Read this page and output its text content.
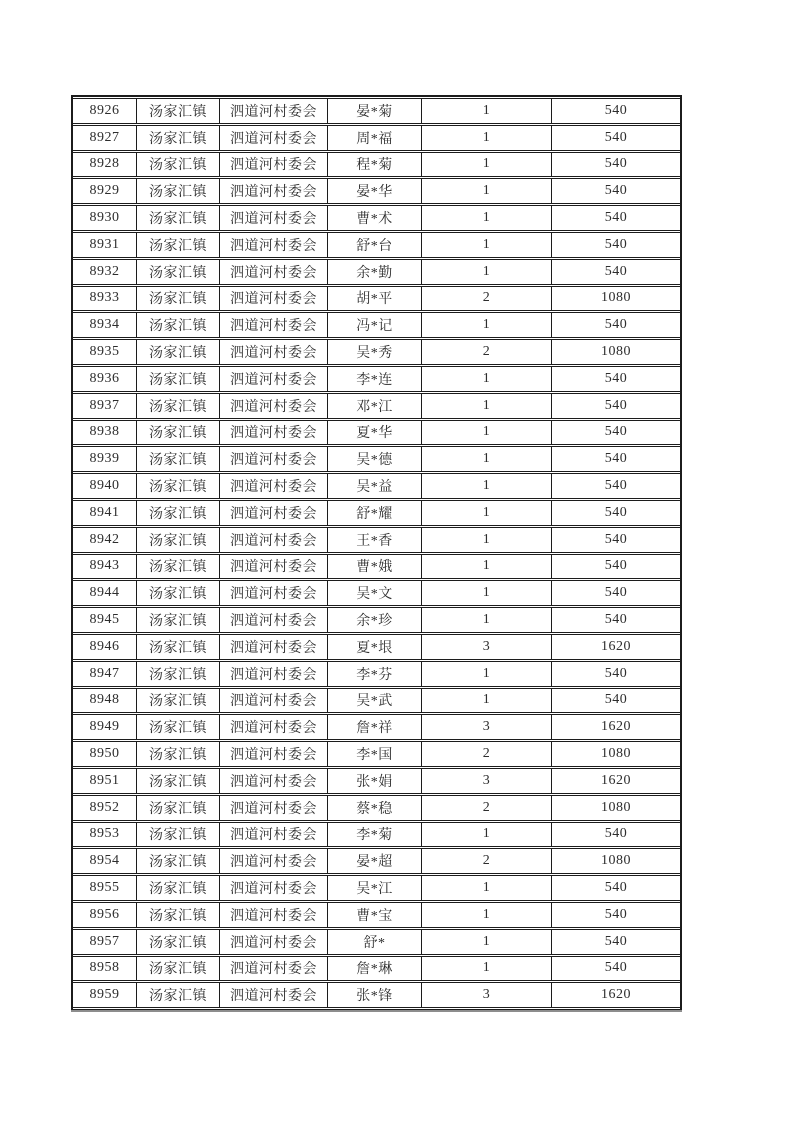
8926	汤家汇镇	泗道河村委会	晏*菊	1	540
8927	汤家汇镇	泗道河村委会	周*福	1	540
8928	汤家汇镇	泗道河村委会	程*菊	1	540
8929	汤家汇镇	泗道河村委会	晏*华	1	540
8930	汤家汇镇	泗道河村委会	曹*术	1	540
8931	汤家汇镇	泗道河村委会	舒*台	1	540
8932	汤家汇镇	泗道河村委会	余*勤	1	540
8933	汤家汇镇	泗道河村委会	胡*平	2	1080
8934	汤家汇镇	泗道河村委会	冯*记	1	540
8935	汤家汇镇	泗道河村委会	吴*秀	2	1080
8936	汤家汇镇	泗道河村委会	李*连	1	540
8937	汤家汇镇	泗道河村委会	邓*江	1	540
8938	汤家汇镇	泗道河村委会	夏*华	1	540
8939	汤家汇镇	泗道河村委会	吴*德	1	540
8940	汤家汇镇	泗道河村委会	吴*益	1	540
8941	汤家汇镇	泗道河村委会	舒*耀	1	540
8942	汤家汇镇	泗道河村委会	王*香	1	540
8943	汤家汇镇	泗道河村委会	曹*娥	1	540
8944	汤家汇镇	泗道河村委会	吴*文	1	540
8945	汤家汇镇	泗道河村委会	余*珍	1	540
8946	汤家汇镇	泗道河村委会	夏*垠	3	1620
8947	汤家汇镇	泗道河村委会	李*芬	1	540
8948	汤家汇镇	泗道河村委会	吴*武	1	540
8949	汤家汇镇	泗道河村委会	詹*祥	3	1620
8950	汤家汇镇	泗道河村委会	李*国	2	1080
8951	汤家汇镇	泗道河村委会	张*娟	3	1620
8952	汤家汇镇	泗道河村委会	蔡*稳	2	1080
8953	汤家汇镇	泗道河村委会	李*菊	1	540
8954	汤家汇镇	泗道河村委会	晏*超	2	1080
8955	汤家汇镇	泗道河村委会	吴*江	1	540
8956	汤家汇镇	泗道河村委会	曹*宝	1	540
8957	汤家汇镇	泗道河村委会	舒*	1	540
8958	汤家汇镇	泗道河村委会	詹*琳	1	540
8959	汤家汇镇	泗道河村委会	张*锋	3	1620
